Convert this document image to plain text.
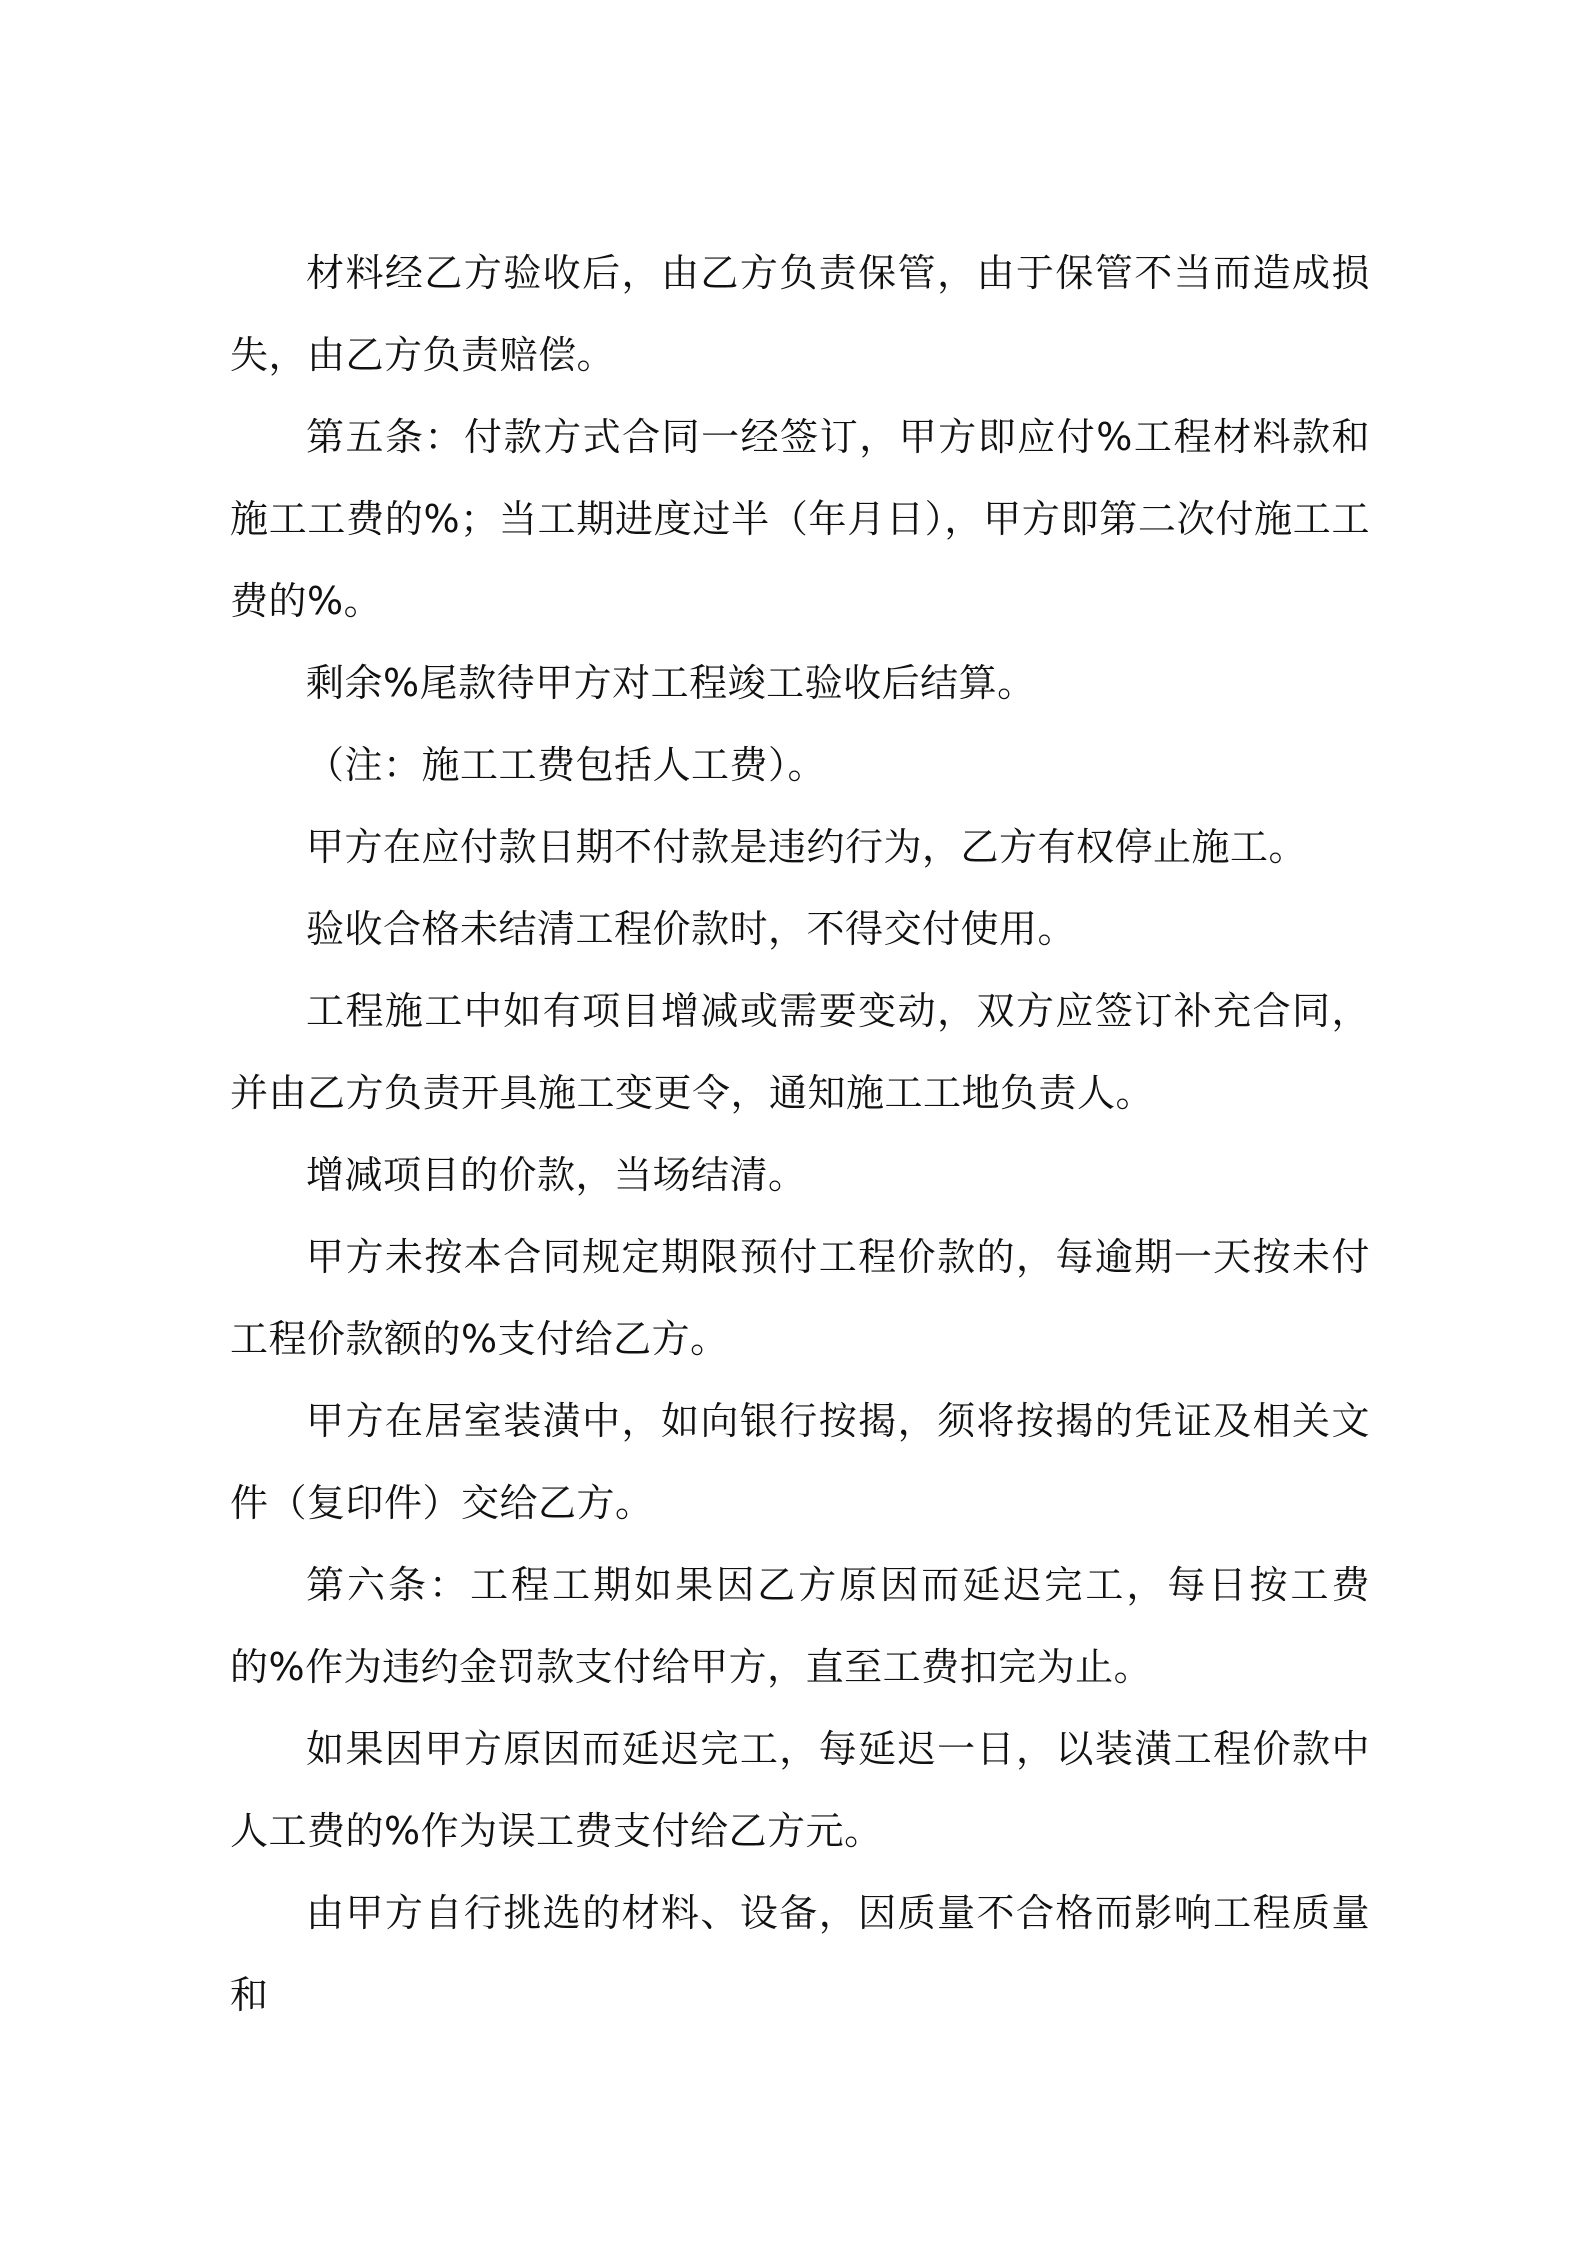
材料经乙方验收后，由乙方负责保管，由于保管不当而造成损失，由乙方负责赔偿。

第五条：付款方式合同一经签订，甲方即应付%工程材料款和施工工费的%；当工期进度过半（年月日），甲方即第二次付施工工费的%。

剩余%尾款待甲方对工程竣工验收后结算。

（注：施工工费包括人工费）。

甲方在应付款日期不付款是违约行为，乙方有权停止施工。

验收合格未结清工程价款时，不得交付使用。

工程施工中如有项目增减或需要变动，双方应签订补充合同，并由乙方负责开具施工变更令，通知施工工地负责人。

增减项目的价款，当场结清。

甲方未按本合同规定期限预付工程价款的，每逾期一天按未付工程价款额的%支付给乙方。

甲方在居室装潢中，如向银行按揭，须将按揭的凭证及相关文件（复印件）交给乙方。

第六条：工程工期如果因乙方原因而延迟完工，每日按工费的%作为违约金罚款支付给甲方，直至工费扣完为止。

如果因甲方原因而延迟完工，每延迟一日，以装潢工程价款中人工费的%作为误工费支付给乙方元。

由甲方自行挑选的材料、设备，因质量不合格而影响工程质量和
